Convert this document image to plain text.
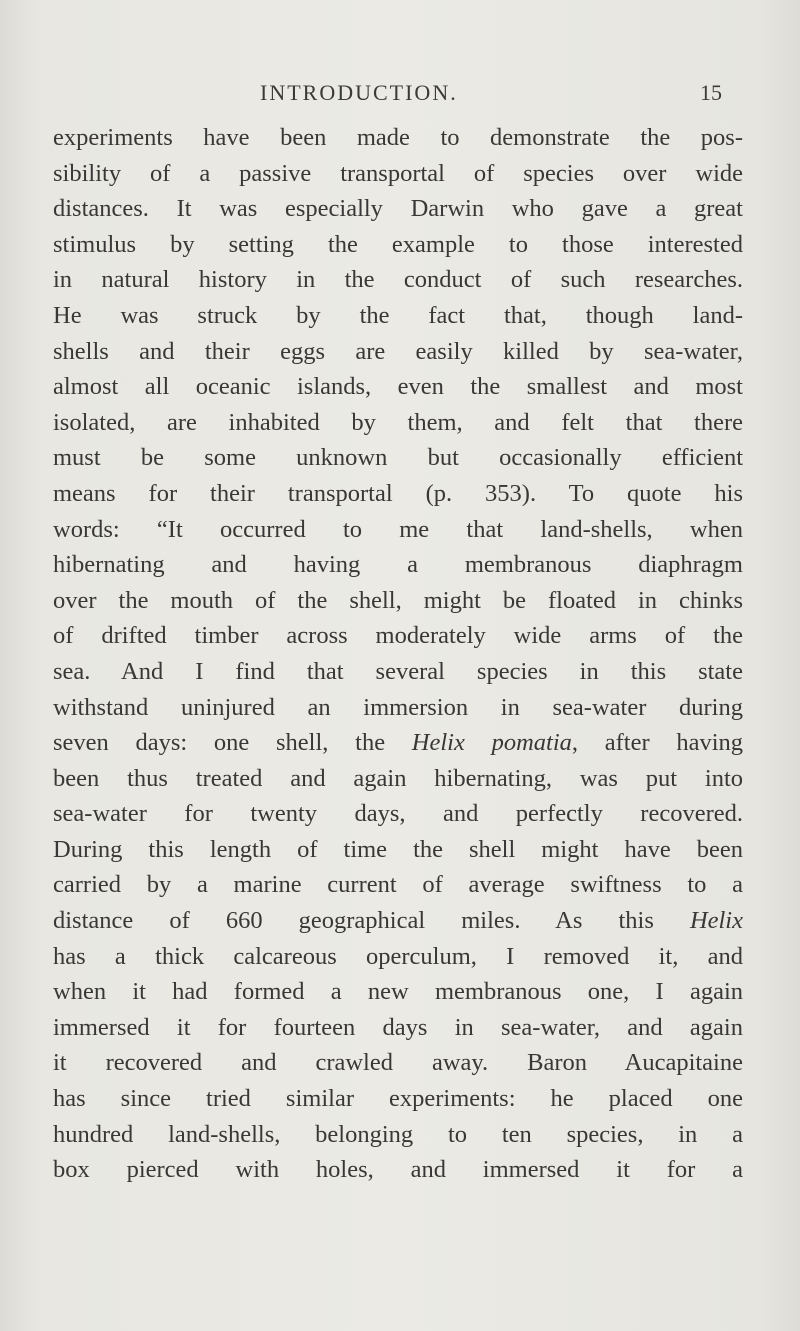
INTRODUCTION.	15
experiments have been made to demonstrate the pos-
sibility of a passive transportal of species over wide
distances. It was especially Darwin who gave a great
stimulus by setting the example to those interested
in natural history in the conduct of such researches.
He was struck by the fact that, though land-
shells and their eggs are easily killed by sea-water,
almost all oceanic islands, even the smallest and most
isolated, are inhabited by them, and felt that there
must be some unknown but occasionally efficient
means for their transportal (p. 353). To quote his
words: “It occurred to me that land-shells, when
hibernating and having a membranous diaphragm
over the mouth of the shell, might be floated in chinks
of drifted timber across moderately wide arms of the
sea. And I find that several species in this state
withstand uninjured an immersion in sea-water during
seven days: one shell, the Helix pomatia, after having
been thus treated and again hibernating, was put into
sea-water for twenty days, and perfectly recovered.
During this length of time the shell might have been
carried by a marine current of average swiftness to a
distance of 660 geographical miles. As this Helix
has a thick calcareous operculum, I removed it, and
when it had formed a new membranous one, I again
immersed it for fourteen days in sea-water, and again
it recovered and crawled away. Baron Aucapitaine
has since tried similar experiments: he placed one
hundred land-shells, belonging to ten species, in a
box pierced with holes, and immersed it for a
